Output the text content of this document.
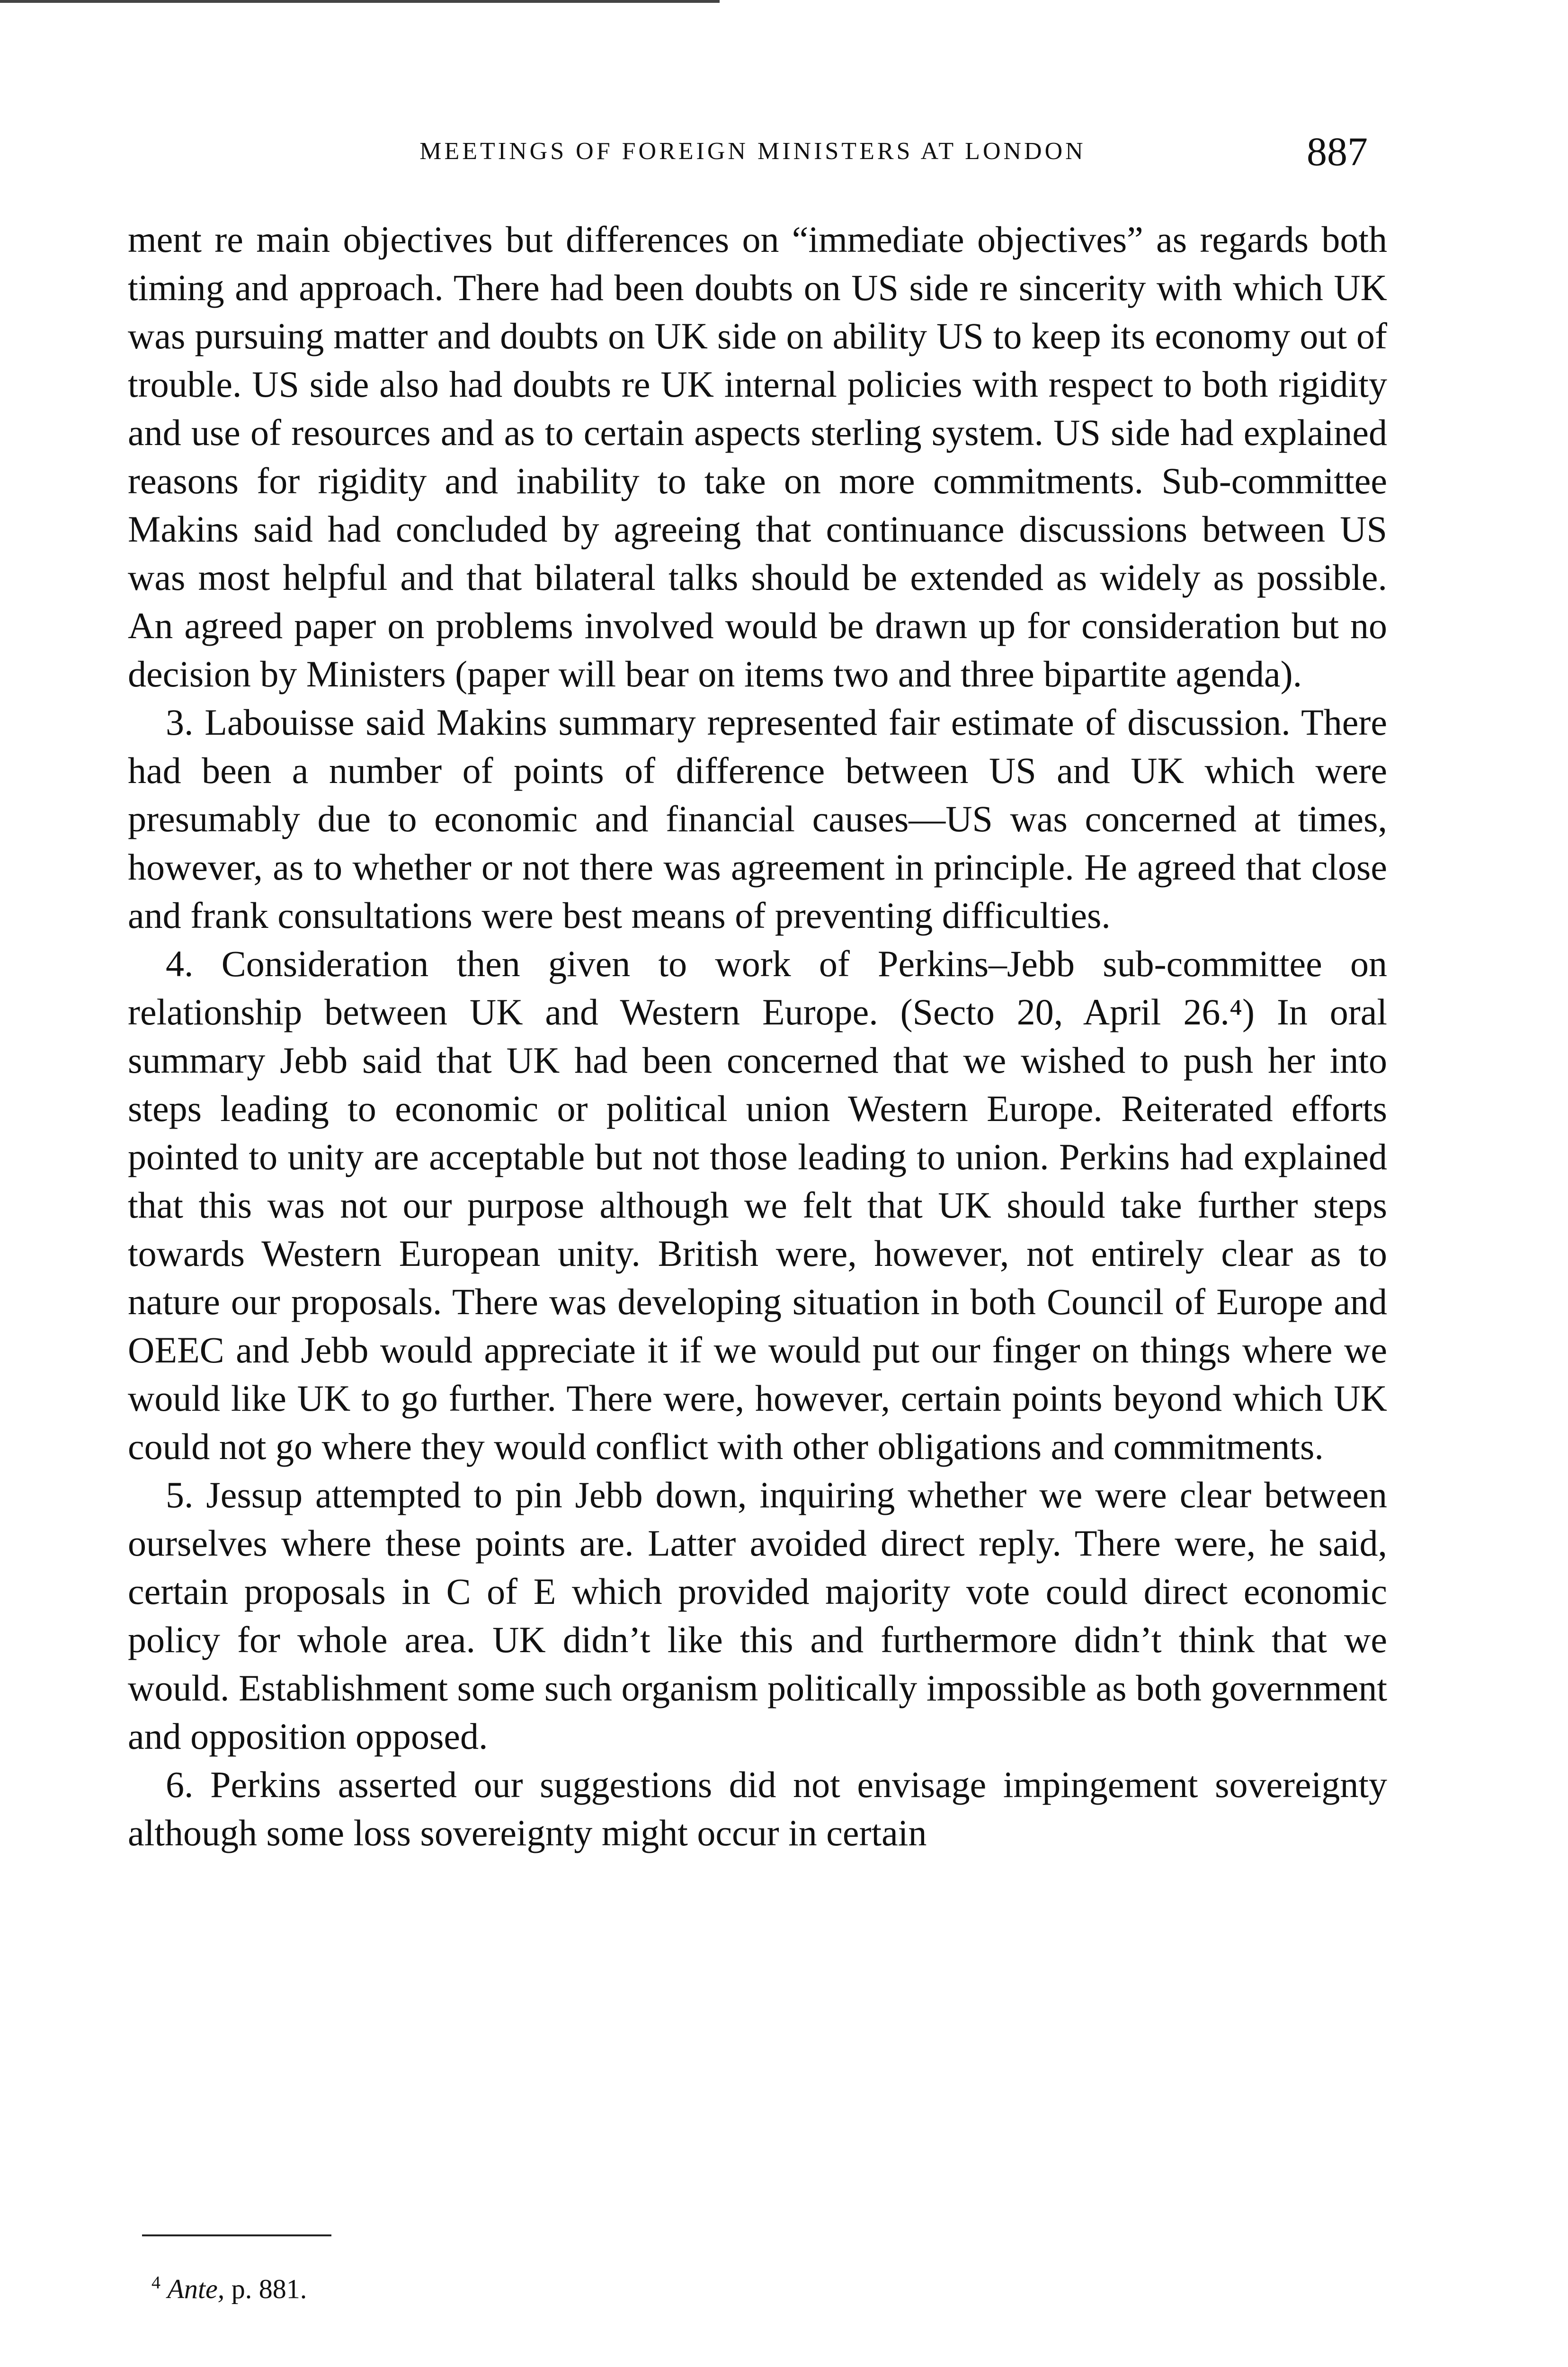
MEETINGS OF FOREIGN MINISTERS AT LONDON	887

ment re main objectives but differences on “immediate objectives” as regards both timing and approach. There had been doubts on US side re sincerity with which UK was pursuing matter and doubts on UK side on ability US to keep its economy out of trouble. US side also had doubts re UK internal policies with respect to both rigidity and use of resources and as to certain aspects sterling system. US side had explained reasons for rigidity and inability to take on more commitments. Sub-committee Makins said had concluded by agreeing that continuance discussions between US was most helpful and that bilateral talks should be extended as widely as possible. An agreed paper on problems involved would be drawn up for consideration but no decision by Ministers (paper will bear on items two and three bipartite agenda).

3. Labouisse said Makins summary represented fair estimate of discussion. There had been a number of points of difference between US and UK which were presumably due to economic and financial causes—US was concerned at times, however, as to whether or not there was agreement in principle. He agreed that close and frank consultations were best means of preventing difficulties.

4. Consideration then given to work of Perkins–Jebb sub-committee on relationship between UK and Western Europe. (Secto 20, April 26.⁴) In oral summary Jebb said that UK had been concerned that we wished to push her into steps leading to economic or political union Western Europe. Reiterated efforts pointed to unity are acceptable but not those leading to union. Perkins had explained that this was not our purpose although we felt that UK should take further steps towards Western European unity. British were, however, not entirely clear as to nature our proposals. There was developing situation in both Council of Europe and OEEC and Jebb would appreciate it if we would put our finger on things where we would like UK to go further. There were, however, certain points beyond which UK could not go where they would conflict with other obligations and commitments.

5. Jessup attempted to pin Jebb down, inquiring whether we were clear between ourselves where these points are. Latter avoided direct reply. There were, he said, certain proposals in C of E which provided majority vote could direct economic policy for whole area. UK didn’t like this and furthermore didn’t think that we would. Establishment some such organism politically impossible as both government and opposition opposed.

6. Perkins asserted our suggestions did not envisage impingement sovereignty although some loss sovereignty might occur in certain

$^4$ Ante, p. 881.
